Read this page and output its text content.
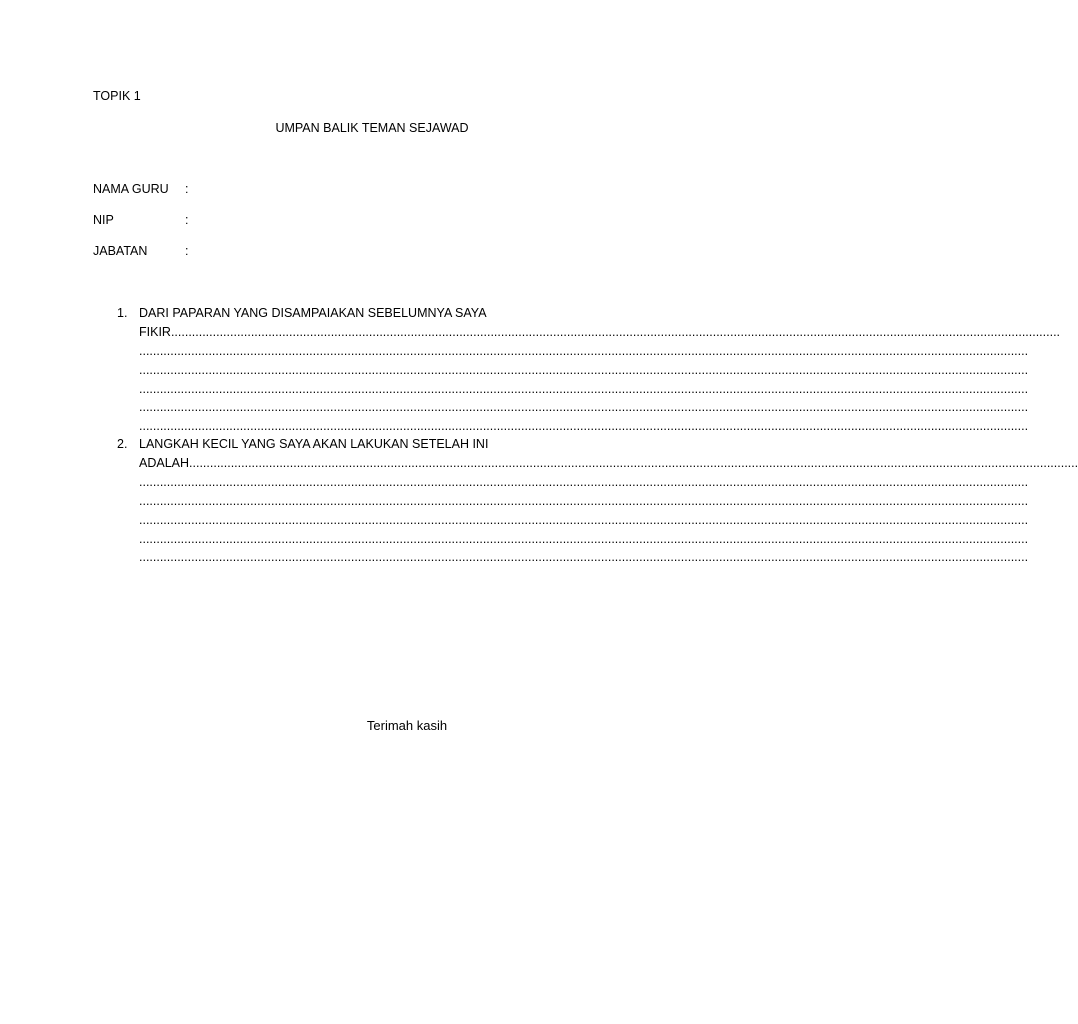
TOPIK 1
UMPAN BALIK TEMAN SEJAWAD
NAMA GURU :
NIP	:
JABATAN	:
1. DARI PAPARAN YANG DISAMPAIAKAN SEBELUMNYA SAYA
FIKIR................................................................................................................................................................................................................................................................
................................................................................................................................................................................................................................................................
................................................................................................................................................................................................................................................................
................................................................................................................................................................................................................................................................
................................................................................................................................................................................................................................................................
................................................................................................................................................................................................................................................................
2. LANGKAH KECIL YANG SAYA AKAN LAKUKAN SETELAH INI
ADALAH................................................................................................................................................................................................................................................................
................................................................................................................................................................................................................................................................
................................................................................................................................................................................................................................................................
................................................................................................................................................................................................................................................................
................................................................................................................................................................................................................................................................
................................................................................................................................................................................................................................................................
Terimah kasih
